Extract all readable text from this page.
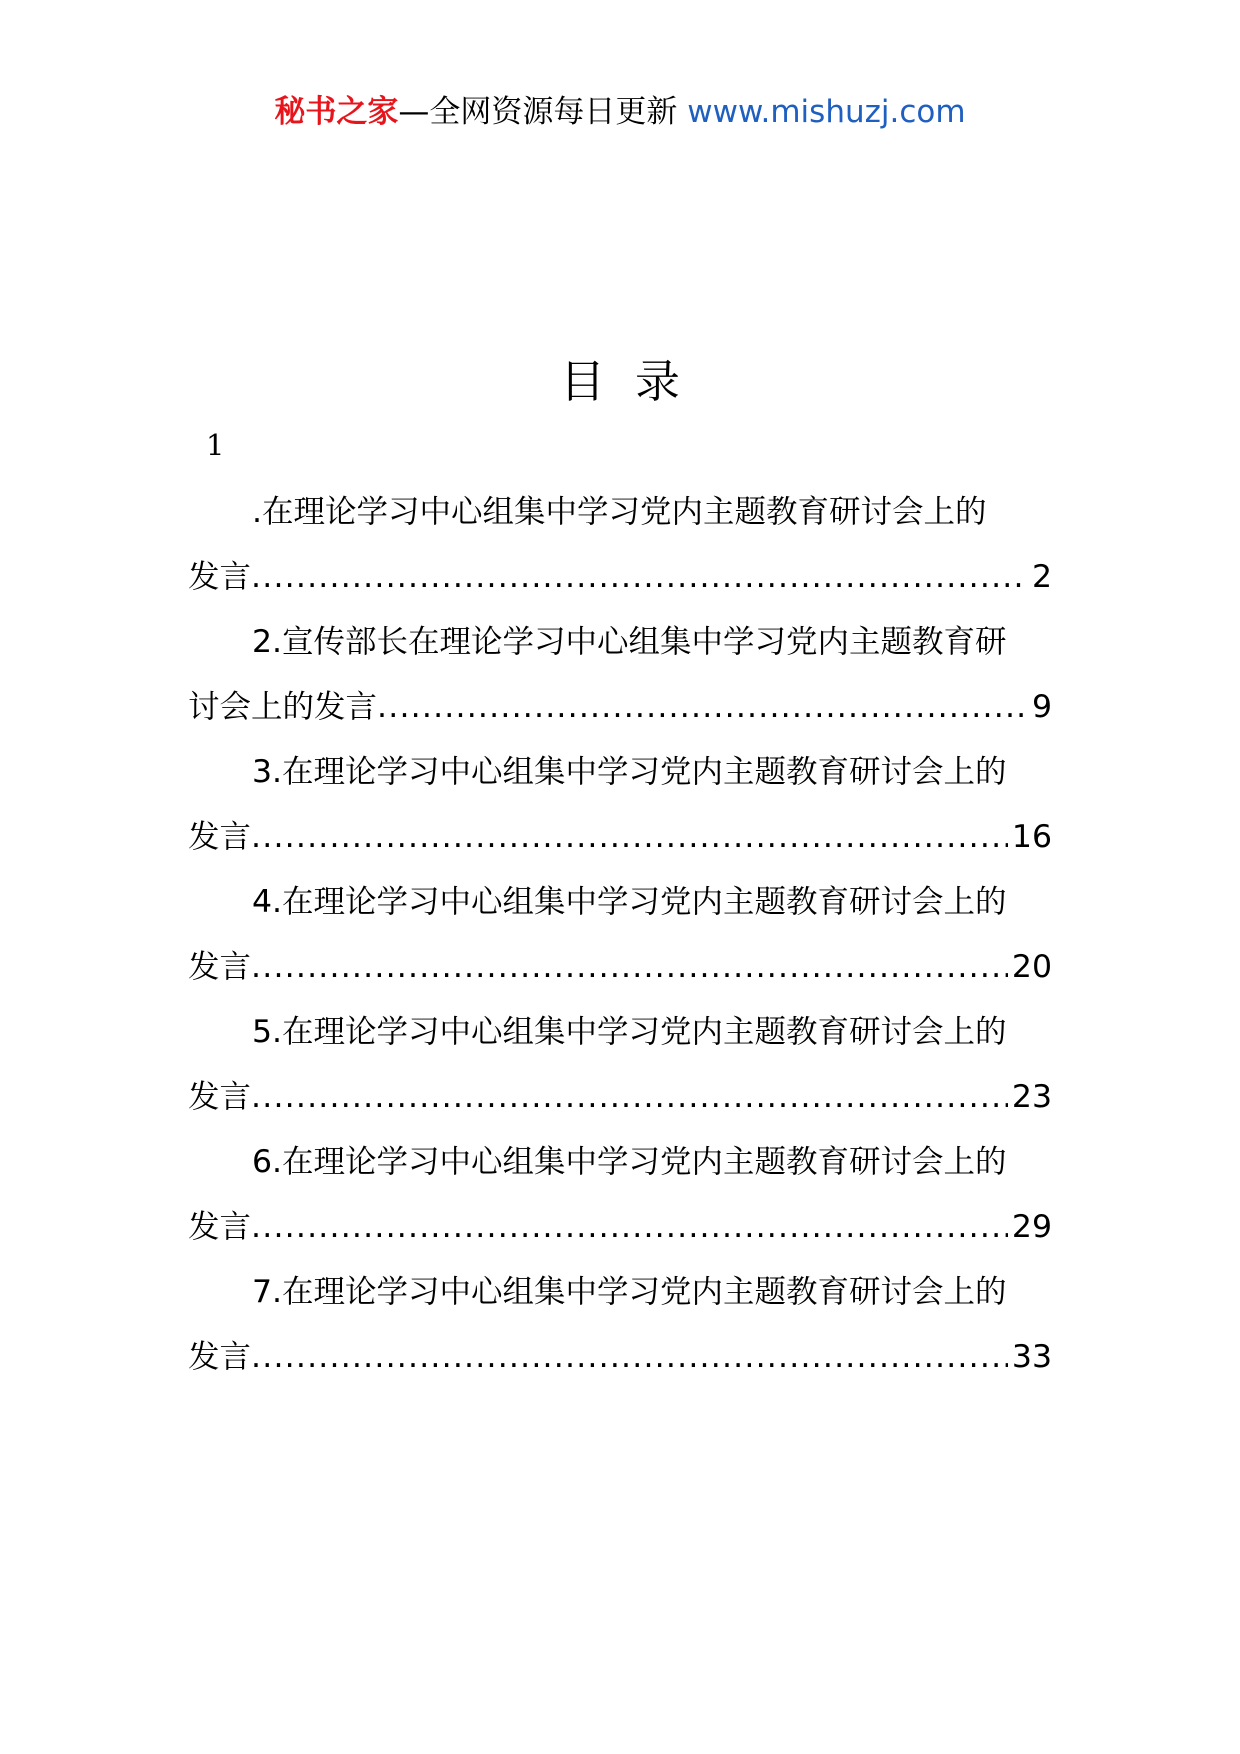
秘书之家—全网资源每日更新 www.mishuzj.com
目 录
1
.在理论学习中心组集中学习党内主题教育研讨会上的
发言 .....	2
2.宣传部长在理论学习中心组集中学习党内主题教育研
讨会上的发言 .....	9
3.在理论学习中心组集中学习党内主题教育研讨会上的
发言 .....	16
4.在理论学习中心组集中学习党内主题教育研讨会上的
发言 .....	20
5.在理论学习中心组集中学习党内主题教育研讨会上的
发言 .....	23
6.在理论学习中心组集中学习党内主题教育研讨会上的
发言 .....	29
7.在理论学习中心组集中学习党内主题教育研讨会上的
发言 .....	33
